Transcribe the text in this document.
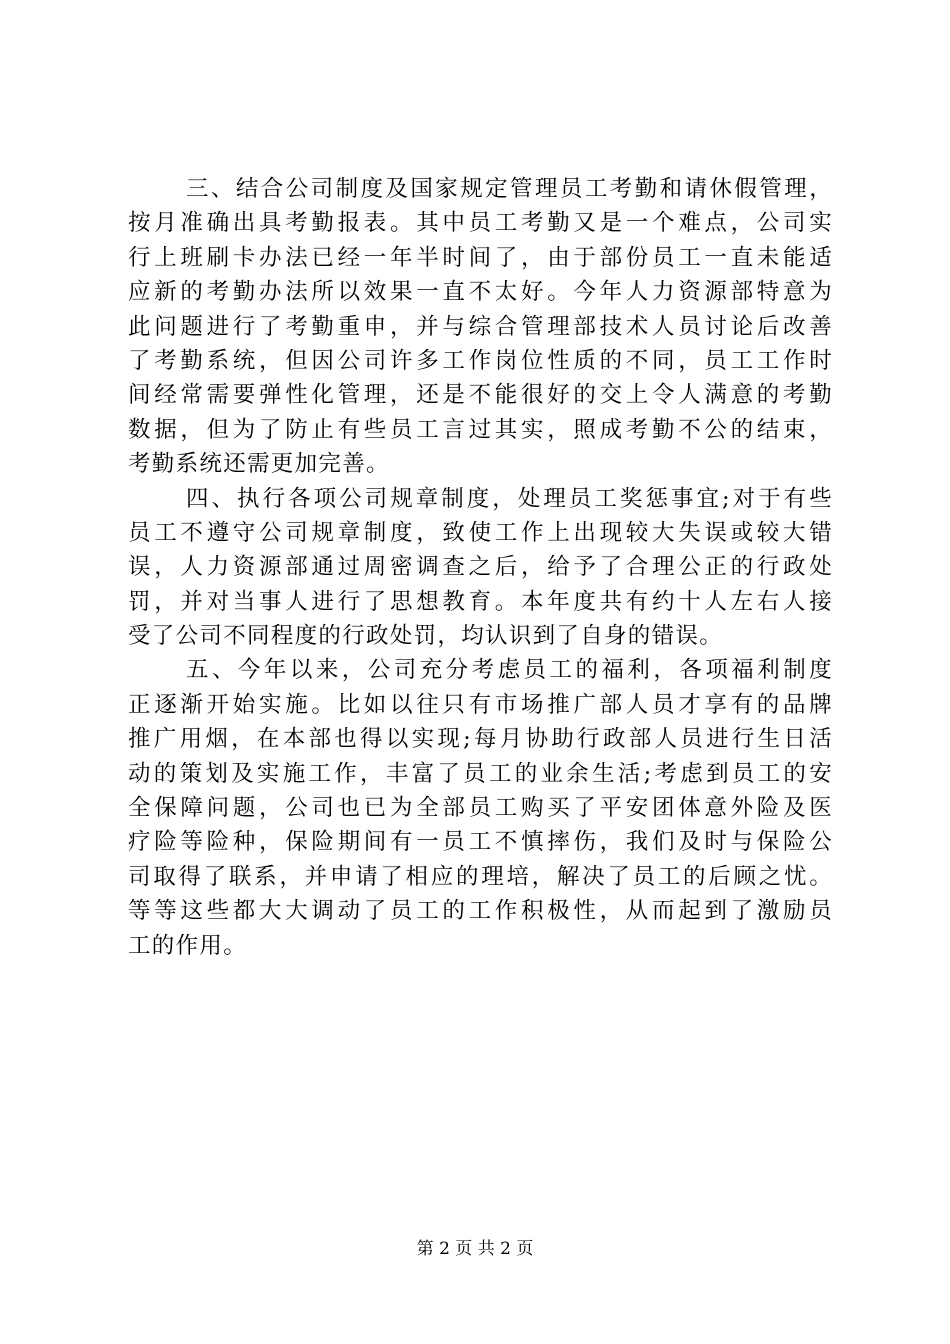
三、结合公司制度及国家规定管理员工考勤和请休假管理，
按月准确出具考勤报表。其中员工考勤又是一个难点，公司实
行上班刷卡办法已经一年半时间了，由于部份员工一直未能适
应新的考勤办法所以效果一直不太好。今年人力资源部特意为
此问题进行了考勤重申，并与综合管理部技术人员讨论后改善
了考勤系统，但因公司许多工作岗位性质的不同，员工工作时
间经常需要弹性化管理，还是不能很好的交上令人满意的考勤
数据，但为了防止有些员工言过其实，照成考勤不公的结束，
考勤系统还需更加完善。
四、执行各项公司规章制度，处理员工奖惩事宜;对于有些
员工不遵守公司规章制度，致使工作上出现较大失误或较大错
误，人力资源部通过周密调查之后，给予了合理公正的行政处
罚，并对当事人进行了思想教育。本年度共有约十人左右人接
受了公司不同程度的行政处罚，均认识到了自身的错误。
五、今年以来，公司充分考虑员工的福利，各项福利制度
正逐渐开始实施。比如以往只有市场推广部人员才享有的品牌
推广用烟，在本部也得以实现;每月协助行政部人员进行生日活
动的策划及实施工作，丰富了员工的业余生活;考虑到员工的安
全保障问题，公司也已为全部员工购买了平安团体意外险及医
疗险等险种，保险期间有一员工不慎摔伤，我们及时与保险公
司取得了联系，并申请了相应的理培，解决了员工的后顾之忧。
等等这些都大大调动了员工的工作积极性，从而起到了激励员
工的作用。
第 2 页 共 2 页
